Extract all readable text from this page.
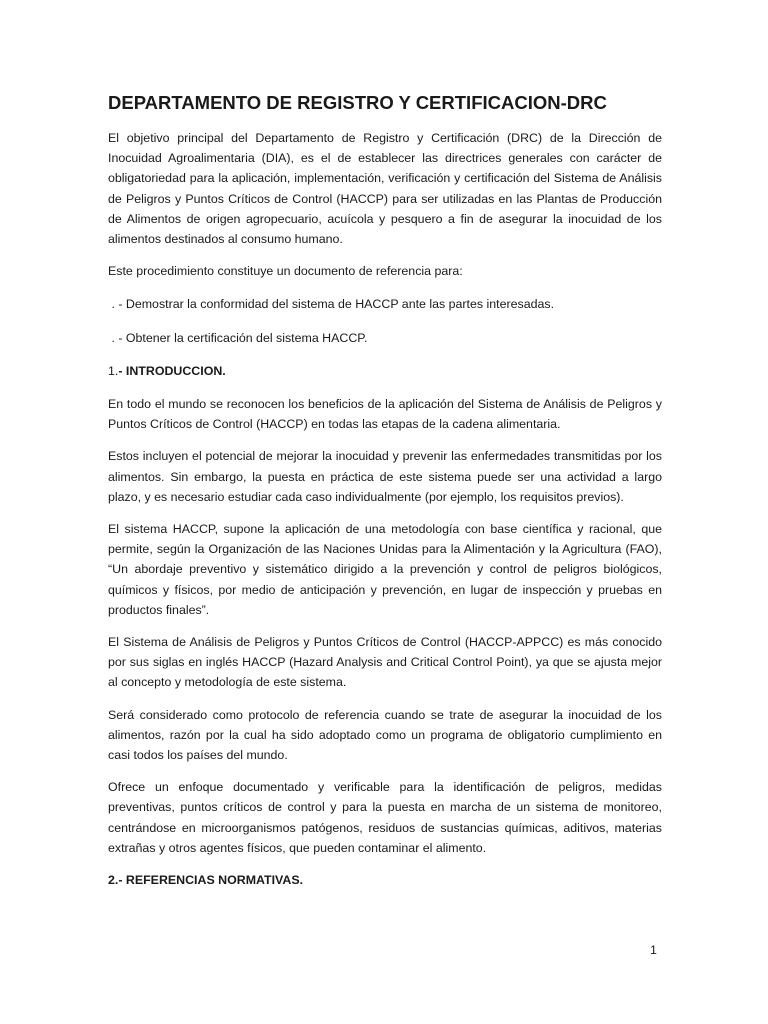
DEPARTAMENTO DE REGISTRO Y CERTIFICACION-DRC

El objetivo principal del Departamento de Registro y Certificación (DRC) de la Dirección de Inocuidad Agroalimentaria (DIA), es el de establecer las directrices generales con carácter de obligatoriedad para la aplicación, implementación, verificación y certificación del Sistema de Análisis de Peligros y Puntos Críticos de Control (HACCP) para ser utilizadas en las Plantas de Producción de Alimentos de origen agropecuario, acuícola y pesquero a fin de asegurar la inocuidad de los alimentos destinados al consumo humano.

Este procedimiento constituye un documento de referencia para:

. - Demostrar la conformidad del sistema de HACCP ante las partes interesadas.

. - Obtener la certificación del sistema HACCP.

1.- INTRODUCCION.

En todo el mundo se reconocen los beneficios de la aplicación del Sistema de Análisis de Peligros y Puntos Críticos de Control (HACCP) en todas las etapas de la cadena alimentaria.

Estos incluyen el potencial de mejorar la inocuidad y prevenir las enfermedades transmitidas por los alimentos. Sin embargo, la puesta en práctica de este sistema puede ser una actividad a largo plazo, y es necesario estudiar cada caso individualmente (por ejemplo, los requisitos previos).

El sistema HACCP, supone la aplicación de una metodología con base científica y racional, que permite, según la Organización de las Naciones Unidas para la Alimentación y la Agricultura (FAO), “Un abordaje preventivo y sistemático dirigido a la prevención y control de peligros biológicos, químicos y físicos, por medio de anticipación y prevención, en lugar de inspección y pruebas en productos finales”.

El Sistema de Análisis de Peligros y Puntos Críticos de Control (HACCP-APPCC) es más conocido por sus siglas en inglés HACCP (Hazard Analysis and Critical Control Point), ya que se ajusta mejor al concepto y metodología de este sistema.

Será considerado como protocolo de referencia cuando se trate de asegurar la inocuidad de los alimentos, razón por la cual ha sido adoptado como un programa de obligatorio cumplimiento en casi todos los países del mundo.

Ofrece un enfoque documentado y verificable para la identificación de peligros, medidas preventivas, puntos críticos de control y para la puesta en marcha de un sistema de monitoreo, centrándose en microorganismos patógenos, residuos de sustancias químicas, aditivos, materias extrañas y otros agentes físicos, que pueden contaminar el alimento.

2.- REFERENCIAS NORMATIVAS.

1
